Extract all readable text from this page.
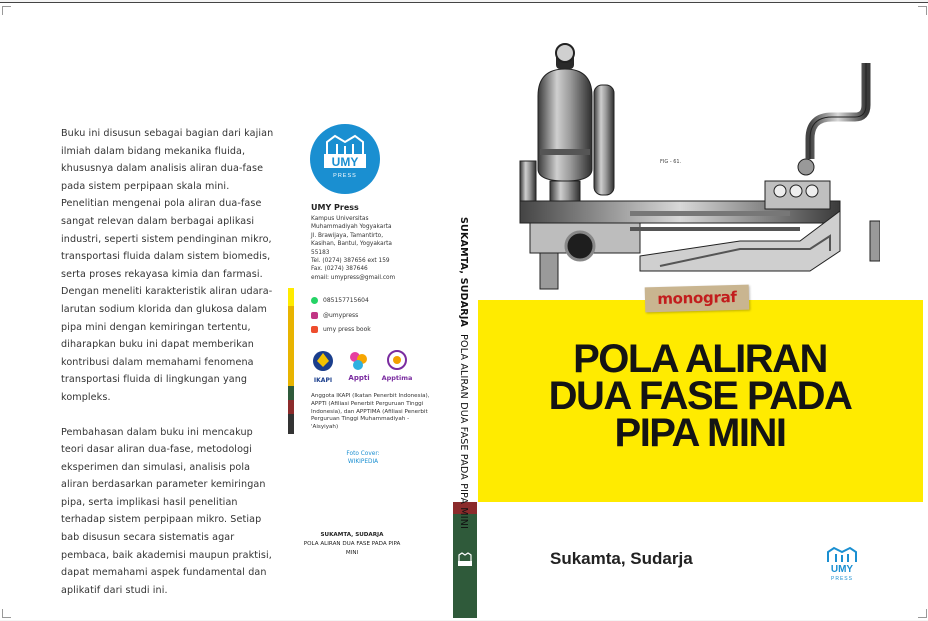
Buku ini disusun sebagai bagian dari kajian ilmiah dalam bidang mekanika fluida, khususnya dalam analisis aliran dua-fase pada sistem perpipaan skala mini. Penelitian mengenai pola aliran dua-fase sangat relevan dalam berbagai aplikasi industri, seperti sistem pendinginan mikro, transportasi fluida dalam sistem biomedis, serta proses rekayasa kimia dan farmasi. Dengan meneliti karakteristik aliran udara-larutan sodium klorida dan glukosa dalam pipa mini dengan kemiringan tertentu, diharapkan buku ini dapat memberikan kontribusi dalam memahami fenomena transportasi fluida di lingkungan yang kompleks.

Pembahasan dalam buku ini mencakup teori dasar aliran dua-fase, metodologi eksperimen dan simulasi, analisis pola aliran berdasarkan parameter kemiringan pipa, serta implikasi hasil penelitian terhadap sistem perpipaan mikro. Setiap bab disusun secara sistematis agar pembaca, baik akademisi maupun praktisi, dapat memahami aspek fundamental dan aplikatif dari studi ini.

UMY
PRESS
UMY Press
Kampus Universitas
Muhammadiyah Yogyakarta
Jl. Brawijaya, Tamantirto,
Kasihan, Bantul, Yogyakarta
55183
Tel. (0274) 387656 ext 159
Fax. (0274) 387646
email: umypress@gmail.com
085157715604
@umypress
umy press book
IKAPI Appti Apptima
Anggota IKAPI (Ikatan Penerbit Indonesia), APPTI (Afiliasi Penerbit Perguruan Tinggi Indonesia), dan APPTIMA (Afiliasi Penerbit Perguruan Tinggi Muhammadiyah - 'Aisyiyah)
Foto Cover:
WIKIPEDIA
SUKAMTA, SUDARJA
POLA ALIRAN DUA FASE PADA PIPA MINI
SUKAMTA, SUDARJA  POLA ALIRAN DUA FASE PADA PIPA MINI
FIG - 61.
monograf
POLA ALIRAN
DUA FASE PADA
PIPA MINI
Sukamta, Sudarja
UMY
PRESS
